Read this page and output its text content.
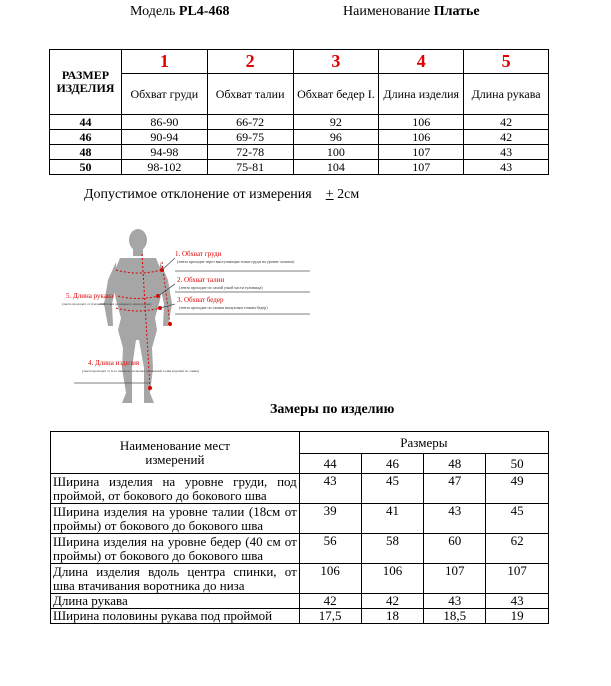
Модель PL4-468	Наименование Платье
РАЗМЕР ИЗДЕЛИЯ	1	2	3	4	5
	Обхват груди	Обхват талии	Обхват бедер I.	Длина изделия	Длина рукава
44	86-90	66-72	92	106	42
46	90-94	69-75	96	106	42
48	94-98	72-78	100	107	43
50	98-102	75-81	104	107	43
Допустимое отклонение от измерения + 2см
1. Обхват груди
(лента проходит через выступающие точки груди на уровне лопаток)
2. Обхват талии
(лента проходит по самой узкой части туловища)
3. Обхват бедер
(лента проходит по самым выпуклым точкам бедер)
5. Длина рукава
(лента проходит от плечевой точки до нижнего края рукава)
4. Длина изделия
(лента проходит от 6-го шейного позвонка до нижней точки изделия по спине)
Замеры по изделию
Наименование мест измерений	Размеры			
	44	46	48	50
Ширина изделия на уровне груди, под проймой, от бокового до бокового шва	43	45	47	49
Ширина изделия на уровне талии (18см от проймы) от бокового до бокового шва	39	41	43	45
Ширина изделия на уровне бедер (40 см от проймы) от бокового до бокового шва	56	58	60	62
Длина изделия вдоль центра спинки, от шва втачивания воротника до низа	106	106	107	107
Длина рукава	42	42	43	43
Ширина половины рукава под проймой	17,5	18	18,5	19
